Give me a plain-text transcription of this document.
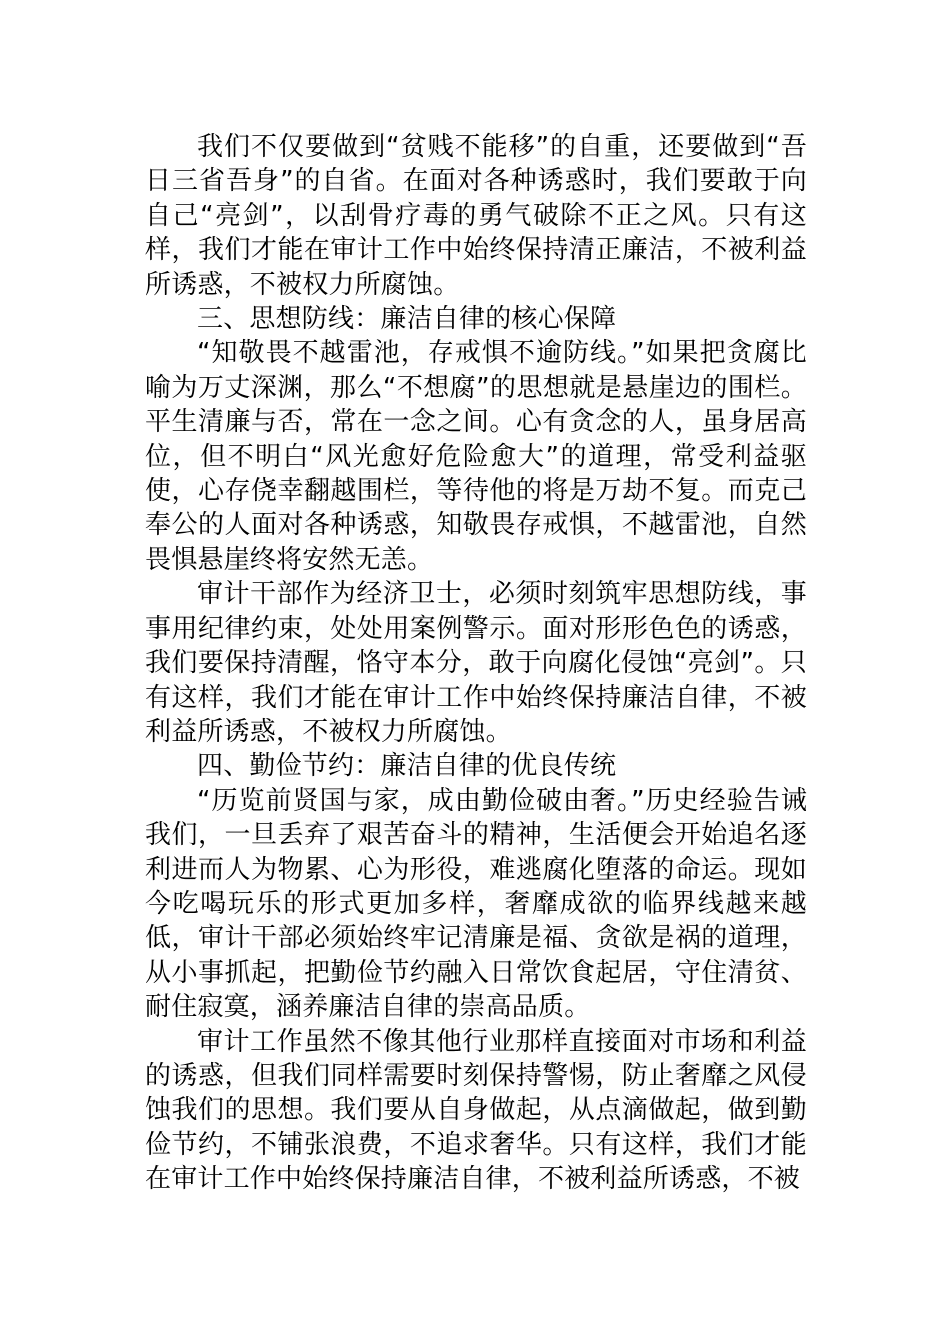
我们不仅要做到“贫贱不能移”的自重，还要做到“吾日三省吾身”的自省。在面对各种诱惑时，我们要敢于向自己“亮剑”，以刮骨疗毒的勇气破除不正之风。只有这样，我们才能在审计工作中始终保持清正廉洁，不被利益所诱惑，不被权力所腐蚀。

三、思想防线：廉洁自律的核心保障

“知敬畏不越雷池，存戒惧不逾防线。”如果把贪腐比喻为万丈深渊，那么“不想腐”的思想就是悬崖边的围栏。平生清廉与否，常在一念之间。心有贪念的人，虽身居高位，但不明白“风光愈好危险愈大”的道理，常受利益驱使，心存侥幸翻越围栏，等待他的将是万劫不复。而克己奉公的人面对各种诱惑，知敬畏存戒惧，不越雷池，自然畏惧悬崖终将安然无恙。

审计干部作为经济卫士，必须时刻筑牢思想防线，事事用纪律约束，处处用案例警示。面对形形色色的诱惑，我们要保持清醒，恪守本分，敢于向腐化侵蚀“亮剑”。只有这样，我们才能在审计工作中始终保持廉洁自律，不被利益所诱惑，不被权力所腐蚀。

四、勤俭节约：廉洁自律的优良传统

“历览前贤国与家，成由勤俭破由奢。”历史经验告诫我们，一旦丢弃了艰苦奋斗的精神，生活便会开始追名逐利进而人为物累、心为形役，难逃腐化堕落的命运。现如今吃喝玩乐的形式更加多样，奢靡成欲的临界线越来越低，审计干部必须始终牢记清廉是福、贪欲是祸的道理，从小事抓起，把勤俭节约融入日常饮食起居，守住清贫、耐住寂寞，涵养廉洁自律的崇高品质。

审计工作虽然不像其他行业那样直接面对市场和利益的诱惑，但我们同样需要时刻保持警惕，防止奢靡之风侵蚀我们的思想。我们要从自身做起，从点滴做起，做到勤俭节约，不铺张浪费，不追求奢华。只有这样，我们才能在审计工作中始终保持廉洁自律，不被利益所诱惑，不被
